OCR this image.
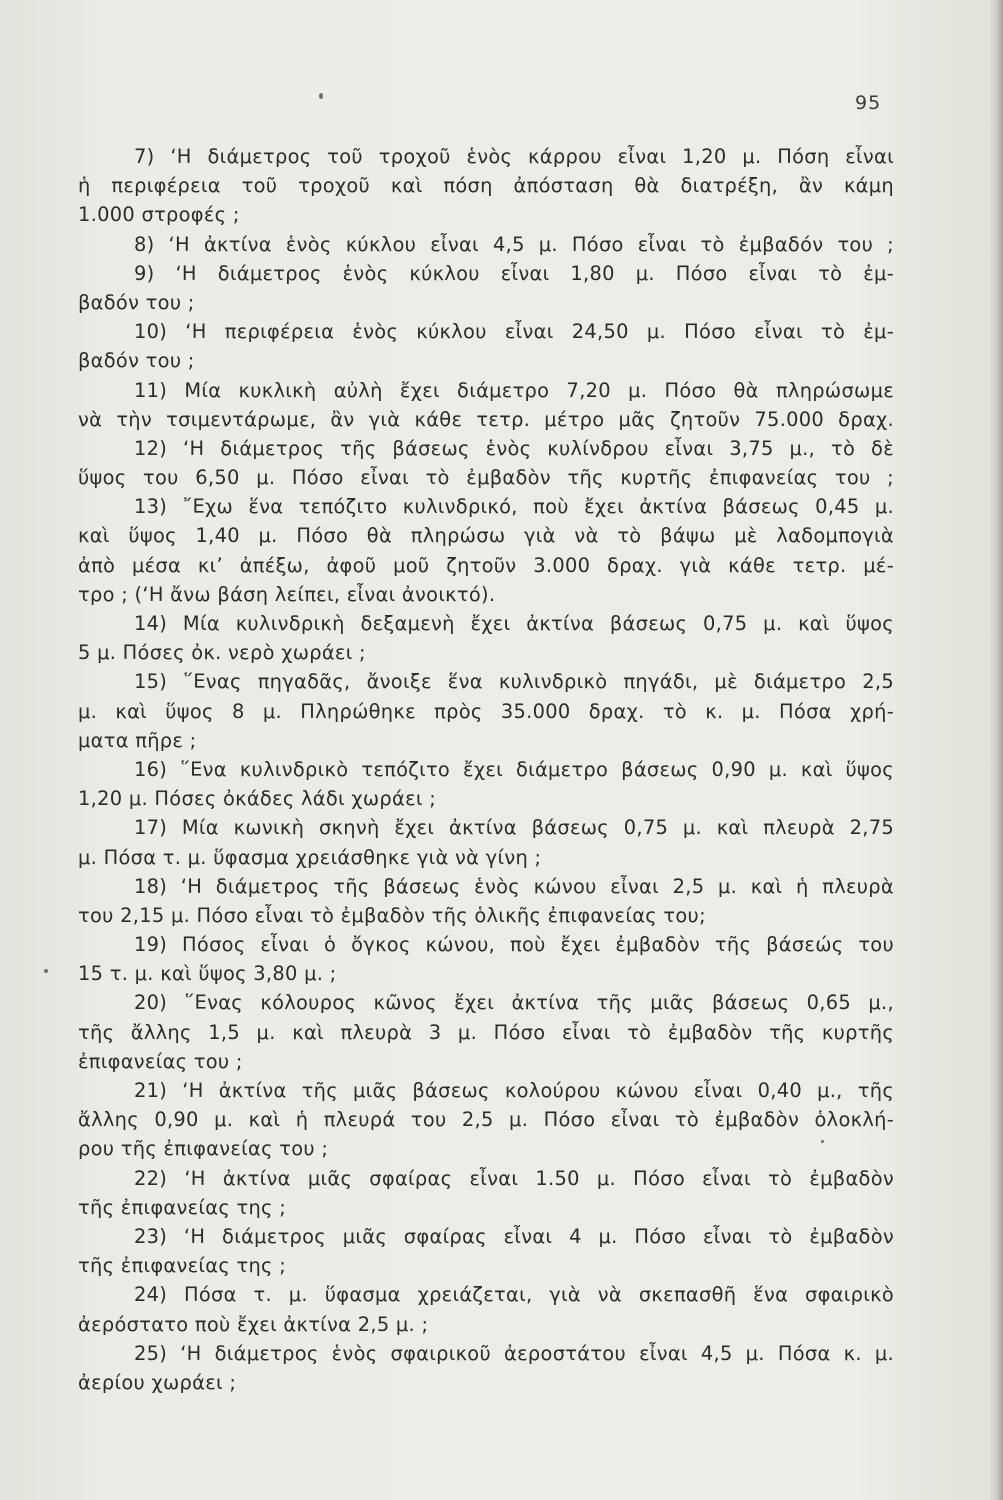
95
7) ‘Η διάμετρος τοῦ τροχοῦ ἑνὸς κάρρου εἶναι 1,20 μ. Πόση εἶναι
ἡ περιφέρεια τοῦ τροχοῦ καὶ πόση ἀπόσταση θὰ διατρέξη, ἂν κάμη
1.000 στροφές ;
8) ‘Η ἀκτίνα ἑνὸς κύκλου εἶναι 4,5 μ. Πόσο εἶναι τὸ ἐμβαδόν του ;
9) ‘Η διάμετρος ἑνὸς κύκλου εἶναι 1,80 μ. Πόσο εἶναι τὸ ἐμ-
βαδόν του ;
10) ‘Η περιφέρεια ἑνὸς κύκλου εἶναι 24,50 μ. Πόσο εἶναι τὸ ἐμ-
βαδόν του ;
11) Μία κυκλικὴ αὐλὴ ἔχει διάμετρο 7,20 μ. Πόσο θὰ πληρώσωμε
νὰ τὴν τσιμεντάρωμε, ἂν γιὰ κάθε τετρ. μέτρο μᾶς ζητοῦν 75.000 δραχ.
12) ‘Η διάμετρος τῆς βάσεως ἑνὸς κυλίνδρου εἶναι 3,75 μ., τὸ δὲ
ὕψος του 6,50 μ. Πόσο εἶναι τὸ ἐμβαδὸν τῆς κυρτῆς ἐπιφανείας του ;
13) ῎Εχω ἕνα τεπόζιτο κυλινδρικό, ποὺ ἔχει ἀκτίνα βάσεως 0,45 μ.
καὶ ὕψος 1,40 μ. Πόσο θὰ πληρώσω γιὰ νὰ τὸ βάψω μὲ λαδομπογιὰ
ἀπὸ μέσα κι’ ἀπέξω, ἀφοῦ μοῦ ζητοῦν 3.000 δραχ. γιὰ κάθε τετρ. μέ-
τρο ; (‘Η ἄνω βάση λείπει, εἶναι ἀνοικτό).
14) Μία κυλινδρικὴ δεξαμενὴ ἔχει ἀκτίνα βάσεως 0,75 μ. καὶ ὕψος
5 μ. Πόσες ὀκ. νερὸ χωράει ;
15) ῞Ενας πηγαδᾶς, ἄνοιξε ἕνα κυλινδρικὸ πηγάδι, μὲ διάμετρο 2,5
μ. καὶ ὕψος 8 μ. Πληρώθηκε πρὸς 35.000 δραχ. τὸ κ. μ. Πόσα χρή-
ματα πῆρε ;
16) ῞Ενα κυλινδρικὸ τεπόζιτο ἔχει διάμετρο βάσεως 0,90 μ. καὶ ὕψος
1,20 μ. Πόσες ὀκάδες λάδι χωράει ;
17) Μία κωνικὴ σκηνὴ ἔχει ἀκτίνα βάσεως 0,75 μ. καὶ πλευρὰ 2,75
μ. Πόσα τ. μ. ὕφασμα χρειάσθηκε γιὰ νὰ γίνη ;
18) ‘Η διάμετρος τῆς βάσεως ἑνὸς κώνου εἶναι 2,5 μ. καὶ ἡ πλευρὰ
του 2,15 μ. Πόσο εἶναι τὸ ἐμβαδὸν τῆς ὁλικῆς ἐπιφανείας του;
19) Πόσος εἶναι ὁ ὄγκος κώνου, ποὺ ἔχει ἐμβαδὸν τῆς βάσεώς του
15 τ. μ. καὶ ὕψος 3,80 μ. ;
20) ῞Ενας κόλουρος κῶνος ἔχει ἀκτίνα τῆς μιᾶς βάσεως 0,65 μ.,
τῆς ἄλλης 1,5 μ. καὶ πλευρὰ 3 μ. Πόσο εἶναι τὸ ἐμβαδὸν τῆς κυρτῆς
ἐπιφανείας του ;
21) ‘Η ἀκτίνα τῆς μιᾶς βάσεως κολούρου κώνου εἶναι 0,40 μ., τῆς
ἄλλης 0,90 μ. καὶ ἡ πλευρά του 2,5 μ. Πόσο εἶναι τὸ ἐμβαδὸν ὁλοκλή-
ρου τῆς ἐπιφανείας του ;
22) ‘Η ἀκτίνα μιᾶς σφαίρας εἶναι 1.50 μ. Πόσο εἶναι τὸ ἐμβαδὸν
τῆς ἐπιφανείας της ;
23) ‘Η διάμετρος μιᾶς σφαίρας εἶναι 4 μ. Πόσο εἶναι τὸ ἐμβαδὸν
τῆς ἐπιφανείας της ;
24) Πόσα τ. μ. ὕφασμα χρειάζεται, γιὰ νὰ σκεπασθῆ ἕνα σφαιρικὸ
ἀερόστατο ποὺ ἔχει ἀκτίνα 2,5 μ. ;
25) ‘Η διάμετρος ἑνὸς σφαιρικοῦ ἀεροστάτου εἶναι 4,5 μ. Πόσα κ. μ.
ἀερίου χωράει ;
